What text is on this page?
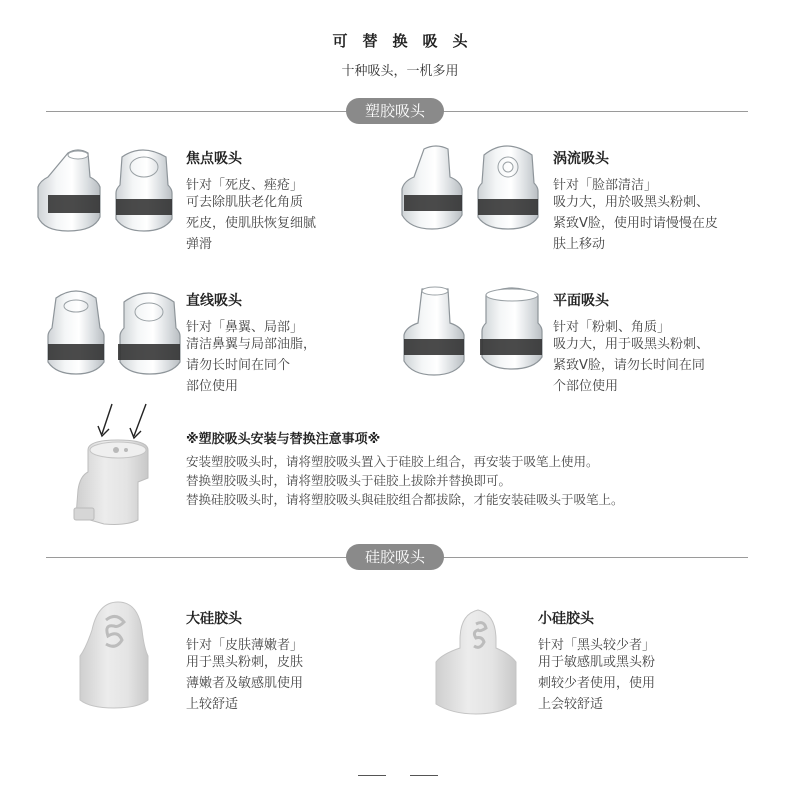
可替换吸头
十种吸头，一机多用
塑胶吸头
焦点吸头
针对「死皮、痤疮」
可去除肌肤老化角质
死皮，使肌肤恢复细腻
弹滑
涡流吸头
针对「脸部清洁」
吸力大，用於吸黑头粉刺、
紧致V脸，使用时请慢慢在皮
肤上移动
直线吸头
针对「鼻翼、局部」
清洁鼻翼与局部油脂，
请勿长时间在同个
部位使用
平面吸头
针对「粉刺、角质」
吸力大，用于吸黑头粉刺、
紧致V脸，请勿长时间在同
个部位使用
※塑胶吸头安装与替换注意事项※
安装塑胶吸头时，请将塑胶吸头置入于硅胶上组合，再安装于吸笔上使用。
替换塑胶吸头时，请将塑胶吸头于硅胶上拔除并替换即可。
替换硅胶吸头时，请将塑胶吸头與硅胶组合都拔除，才能安装硅吸头于吸笔上。
硅胶吸头
大硅胶头
针对「皮肤薄嫩者」
用于黑头粉刺，皮肤
薄嫩者及敏感肌使用
上较舒适
小硅胶头
针对「黑头较少者」
用于敏感肌或黑头粉
刺较少者使用，使用
上会较舒适
